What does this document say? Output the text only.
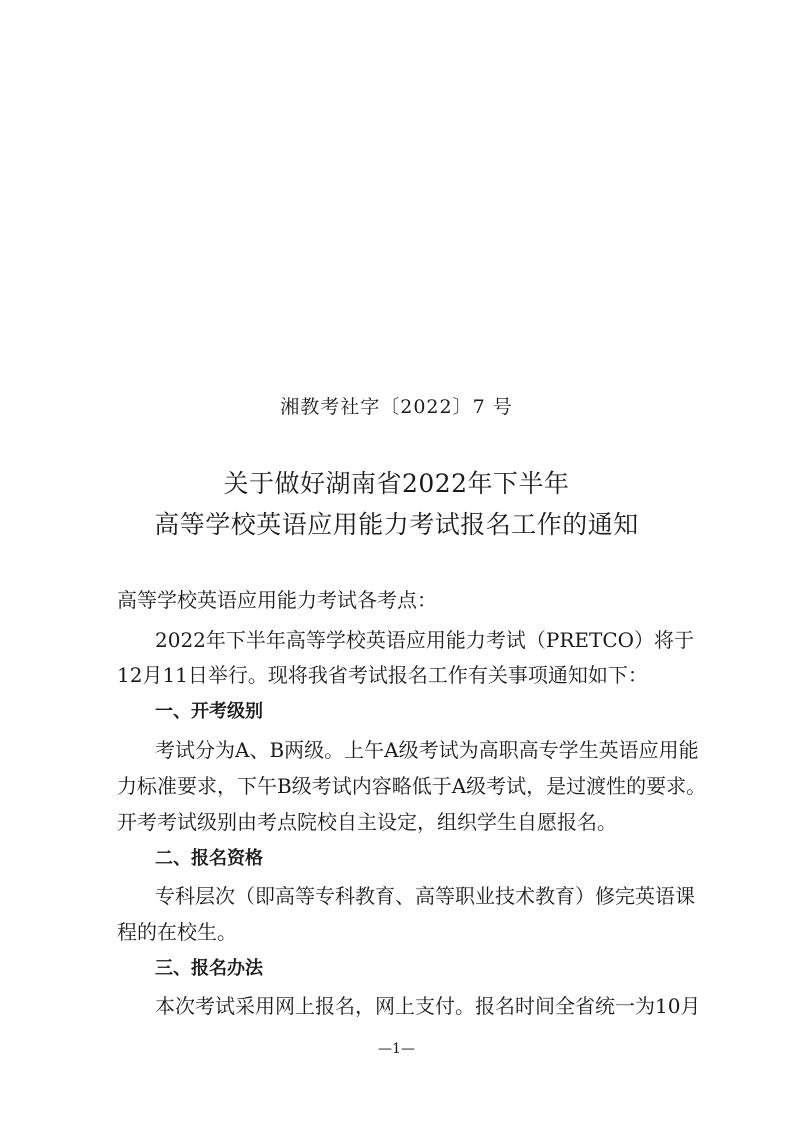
湘教考社字〔2022〕7 号
关于做好湖南省2022年下半年
高等学校英语应用能力考试报名工作的通知
高等学校英语应用能力考试各考点：
2022年下半年高等学校英语应用能力考试（PRETCO）将于
12月11日举行。现将我省考试报名工作有关事项通知如下：
一、开考级别
考试分为A、B两级。上午A级考试为高职高专学生英语应用能
力标准要求，下午B级考试内容略低于A级考试，是过渡性的要求。
开考考试级别由考点院校自主设定，组织学生自愿报名。
二、报名资格
专科层次（即高等专科教育、高等职业技术教育）修完英语课
程的在校生。
三、报名办法
本次考试采用网上报名，网上支付。报名时间全省统一为10月
—1—
